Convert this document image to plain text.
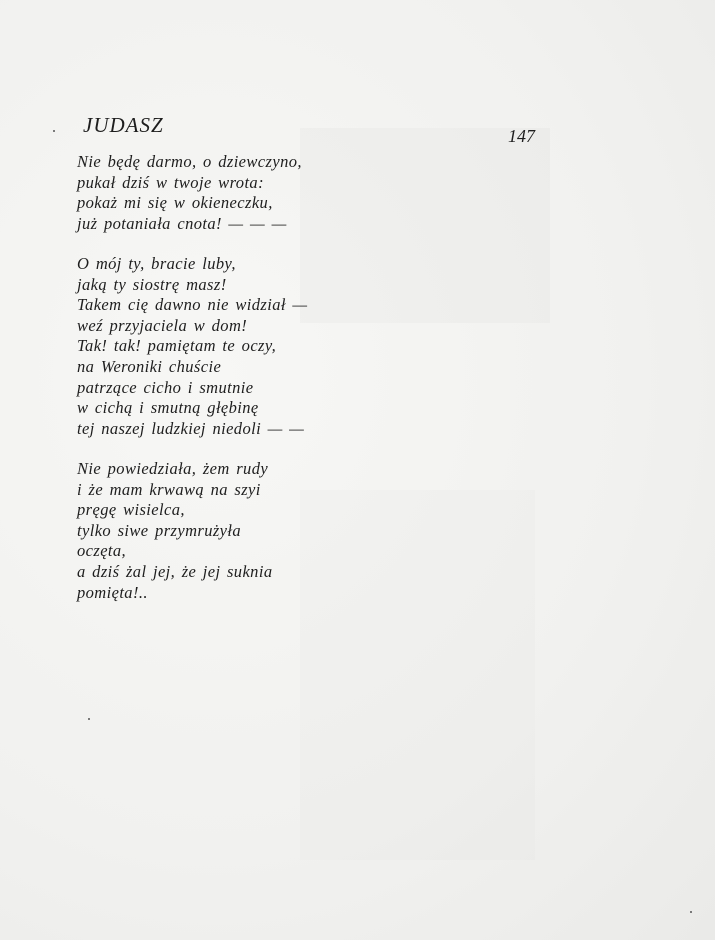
JUDASZ	147
Nie będę darmo, o dziewczyno,
pukał dziś w twoje wrota:
pokaż mi się w okieneczku,
już potaniała cnota! — — —
O mój ty, bracie luby,
jaką ty siostrę masz!
Takem cię dawno nie widział —
weź przyjaciela w dom!
Tak! tak! pamiętam te oczy,
na Weroniki chuście
patrzące cicho i smutnie
w cichą i smutną głębinę
tej naszej ludzkiej niedoli — —
Nie powiedziała, żem rudy
i że mam krwawą na szyi
pręgę wisielca,
tylko siwe przymrużyła
oczęta,
a dziś żal jej, że jej suknia
pomięta!..
